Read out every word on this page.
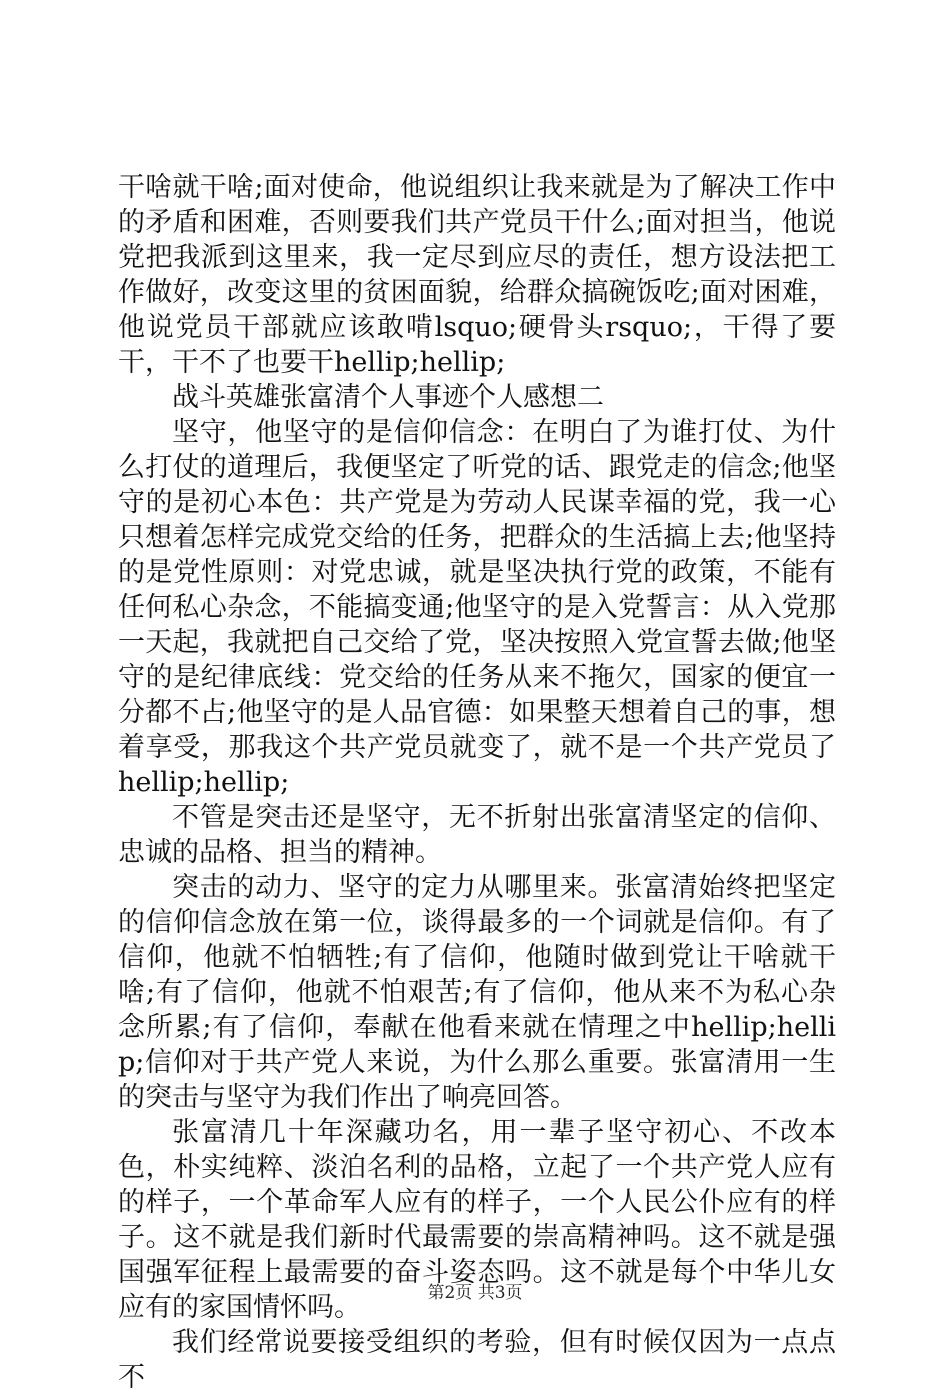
干啥就干啥;面对使命，他说组织让我来就是为了解决工作中的矛盾和困难，否则要我们共产党员干什么;面对担当，他说党把我派到这里来，我一定尽到应尽的责任，想方设法把工作做好，改变这里的贫困面貌，给群众搞碗饭吃;面对困难，他说党员干部就应该敢啃lsquo;硬骨头rsquo;，干得了要干，干不了也要干hellip;hellip;

战斗英雄张富清个人事迹个人感想二

坚守，他坚守的是信仰信念：在明白了为谁打仗、为什么打仗的道理后，我便坚定了听党的话、跟党走的信念;他坚守的是初心本色：共产党是为劳动人民谋幸福的党，我一心只想着怎样完成党交给的任务，把群众的生活搞上去;他坚持的是党性原则：对党忠诚，就是坚决执行党的政策，不能有任何私心杂念，不能搞变通;他坚守的是入党誓言：从入党那一天起，我就把自己交给了党，坚决按照入党宣誓去做;他坚守的是纪律底线：党交给的任务从来不拖欠，国家的便宜一分都不占;他坚守的是人品官德：如果整天想着自己的事，想着享受，那我这个共产党员就变了，就不是一个共产党员了hellip;hellip;

不管是突击还是坚守，无不折射出张富清坚定的信仰、忠诚的品格、担当的精神。

突击的动力、坚守的定力从哪里来。张富清始终把坚定的信仰信念放在第一位，谈得最多的一个词就是信仰。有了信仰，他就不怕牺牲;有了信仰，他随时做到党让干啥就干啥;有了信仰，他就不怕艰苦;有了信仰，他从来不为私心杂念所累;有了信仰，奉献在他看来就在情理之中hellip;hellip;信仰对于共产党人来说，为什么那么重要。张富清用一生的突击与坚守为我们作出了响亮回答。

张富清几十年深藏功名，用一辈子坚守初心、不改本色，朴实纯粹、淡泊名利的品格，立起了一个共产党人应有的样子，一个革命军人应有的样子，一个人民公仆应有的样子。这不就是我们新时代最需要的崇高精神吗。这不就是强国强军征程上最需要的奋斗姿态吗。这不就是每个中华儿女应有的家国情怀吗。

我们经常说要接受组织的考验，但有时候仅因为一点点不

第2页 共3页
